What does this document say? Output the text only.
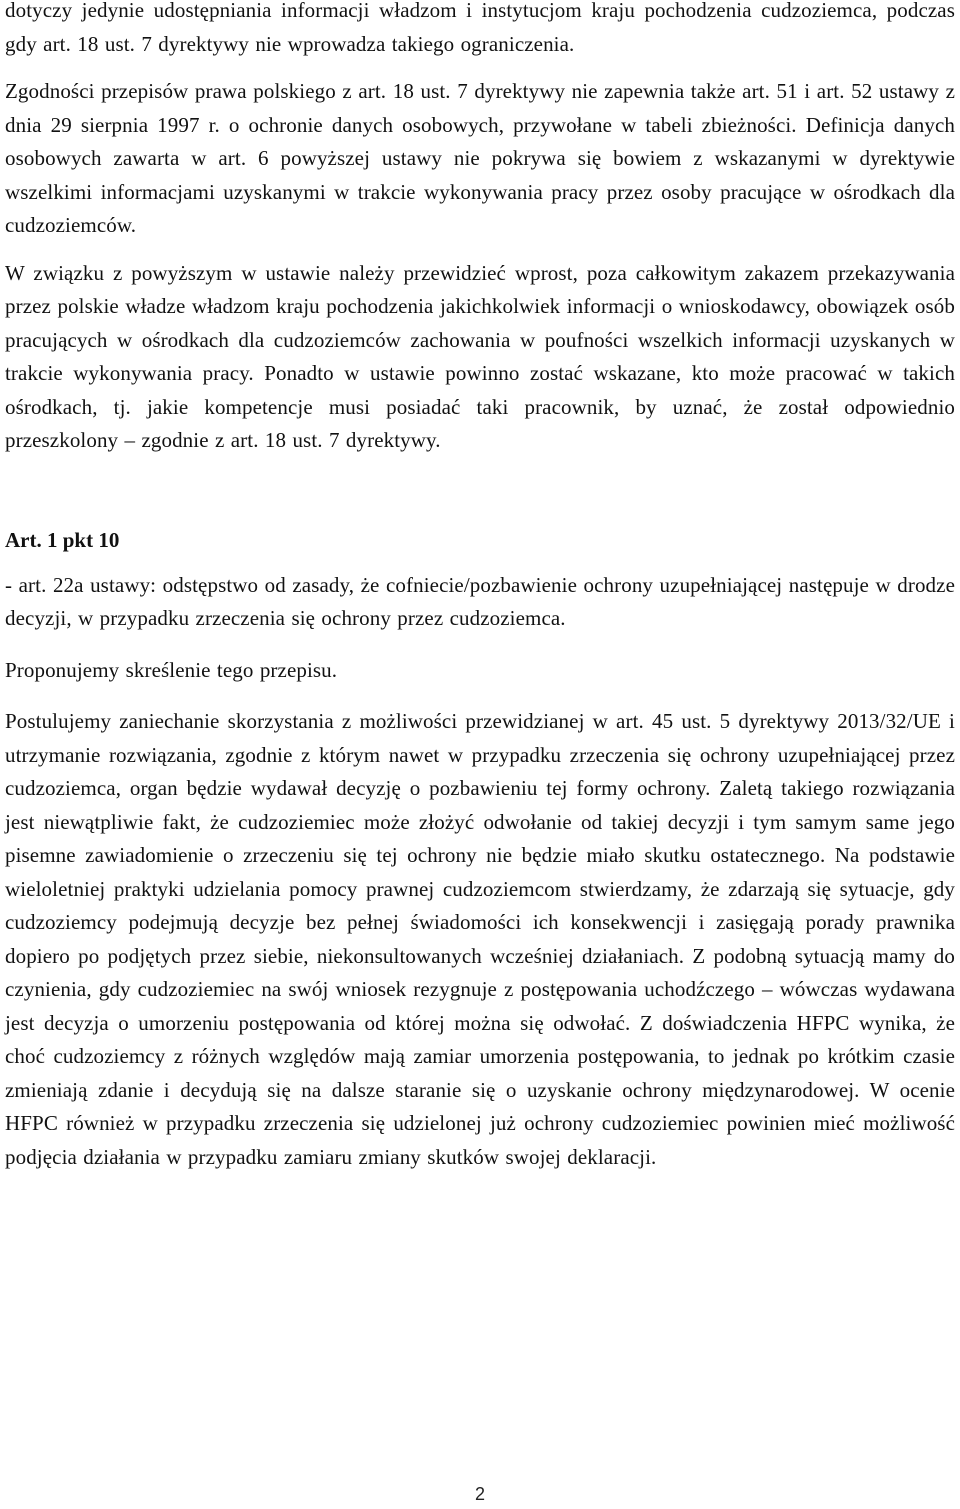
dotyczy jedynie udostępniania informacji władzom i instytucjom kraju pochodzenia cudzoziemca, podczas gdy art. 18 ust. 7 dyrektywy nie wprowadza takiego ograniczenia.

Zgodności przepisów prawa polskiego z art. 18 ust. 7 dyrektywy nie zapewnia także art. 51 i art. 52 ustawy z dnia 29 sierpnia 1997 r. o ochronie danych osobowych, przywołane w tabeli zbieżności. Definicja danych osobowych zawarta w art. 6 powyższej ustawy nie pokrywa się bowiem z wskazanymi w dyrektywie wszelkimi informacjami uzyskanymi w trakcie wykonywania pracy przez osoby pracujące w ośrodkach dla cudzoziemców.

W związku z powyższym w ustawie należy przewidzieć wprost, poza całkowitym zakazem przekazywania przez polskie władze władzom kraju pochodzenia jakichkolwiek informacji o wnioskodawcy, obowiązek osób pracujących w ośrodkach dla cudzoziemców zachowania w poufności wszelkich informacji uzyskanych w trakcie wykonywania pracy. Ponadto w ustawie powinno zostać wskazane, kto może pracować w takich ośrodkach, tj. jakie kompetencje musi posiadać taki pracownik, by uznać, że został odpowiednio przeszkolony – zgodnie z art. 18 ust. 7 dyrektywy.

Art. 1 pkt 10

- art. 22a ustawy: odstępstwo od zasady, że cofniecie/pozbawienie ochrony uzupełniającej następuje w drodze decyzji, w przypadku zrzeczenia się ochrony przez cudzoziemca.

Proponujemy skreślenie tego przepisu.

Postulujemy zaniechanie skorzystania z możliwości przewidzianej w art. 45 ust. 5 dyrektywy 2013/32/UE i utrzymanie rozwiązania, zgodnie z którym nawet w przypadku zrzeczenia się ochrony uzupełniającej przez cudzoziemca, organ będzie wydawał decyzję o pozbawieniu tej formy ochrony. Zaletą takiego rozwiązania jest niewątpliwie fakt, że cudzoziemiec może złożyć odwołanie od takiej decyzji i tym samym same jego pisemne zawiadomienie o zrzeczeniu się tej ochrony nie będzie miało skutku ostatecznego. Na podstawie wieloletniej praktyki udzielania pomocy prawnej cudzoziemcom stwierdzamy, że zdarzają się sytuacje, gdy cudzoziemcy podejmują decyzje bez pełnej świadomości ich konsekwencji i zasięgają porady prawnika dopiero po podjętych przez siebie, niekonsultowanych wcześniej działaniach. Z podobną sytuacją mamy do czynienia, gdy cudzoziemiec na swój wniosek rezygnuje z postępowania uchodźczego – wówczas wydawana jest decyzja o umorzeniu postępowania od której można się odwołać. Z doświadczenia HFPC wynika, że choć cudzoziemcy z różnych względów mają zamiar umorzenia postępowania, to jednak po krótkim czasie zmieniają zdanie i decydują się na dalsze staranie się o uzyskanie ochrony międzynarodowej. W ocenie HFPC również w przypadku zrzeczenia się udzielonej już ochrony cudzoziemiec powinien mieć możliwość podjęcia działania w przypadku zamiaru zmiany skutków swojej deklaracji.

2
